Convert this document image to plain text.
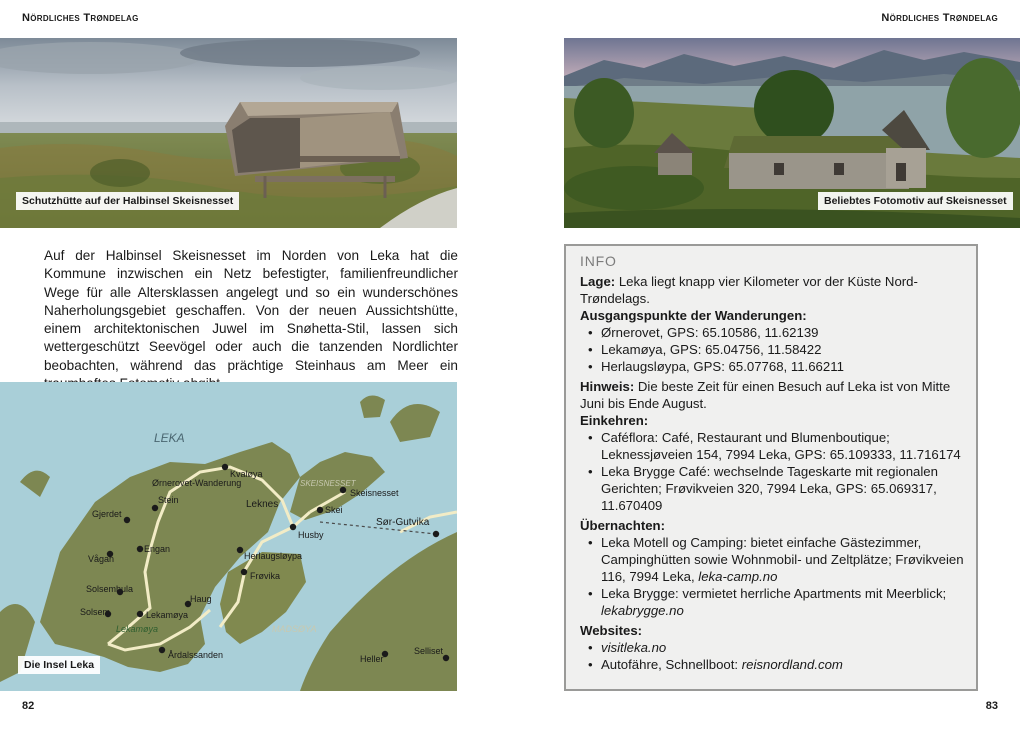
Nördliches Trøndelag	Nördliches Trøndelag
Schutzhütte auf der Halbinsel Skeisnesset	Beliebtes Fotomotiv auf Skeisnesset

Auf der Halbinsel Skeisnesset im Norden von Leka hat die Kommune inzwischen ein Netz befestigter, familienfreundlicher Wege für alle Altersklassen angelegt und so ein wunderschönes Naherholungsgebiet geschaffen. Von der neuen Aussichtshütte, einem architektonischen Juwel im Snøhetta-Stil, lassen sich wettergeschützt Seevögel oder auch die tanzenden Nordlichter beobachten, während das prächtige Steinhaus am Meer ein

LEKA
SKEISNESSET
MADSØYA
Kvaløya
Ørnerovet-Wanderung
Skeisnesset
Stein	Leknes	Skei
Gjerdet
Sør-Gutvika
Husby
Engan
Vågan	Herlaugsløypa
Frøvika
Solsemhula
Haug
Solsem	Lekamøya
Lekamøya
Årdalssanden	Heller
Selliset
Die Insel Leka
INFO

Lage: Leka liegt knapp vier Kilometer vor der Küste Nord-Trøndelags.

Ausgangspunkte der Wanderungen:

• Ørnerovet, GPS: 65.10586, 11.62139
• Lekamøya, GPS: 65.04756, 11.58422
• Herlaugsløypa, GPS: 65.07768, 11.66211

Hinweis: Die beste Zeit für einen Besuch auf Leka ist von Mitte Juni bis Ende August.

Einkehren:

• Caféflora: Café, Restaurant und Blumenboutique; Leknessjøveien 154, 7994 Leka, GPS: 65.109333, 11.716174
• Leka Brygge Café: wechselnde Tageskarte mit regionalen Gerichten; Frøvikveien 320, 7994 Leka, GPS: 65.069317, 11.670409

Übernachten:

• Leka Motell og Camping: bietet einfache Gästezimmer, Campinghütten sowie Wohnmobil- und Zeltplätze; Frøvikveien 116, 7994 Leka, leka-camp.no
• Leka Brygge: vermietet herrliche Apartments mit Meerblick; lekabrygge.no

Websites:

• visitleka.no
• Autofähre, Schnellboot: reisnordland.com
82	83
